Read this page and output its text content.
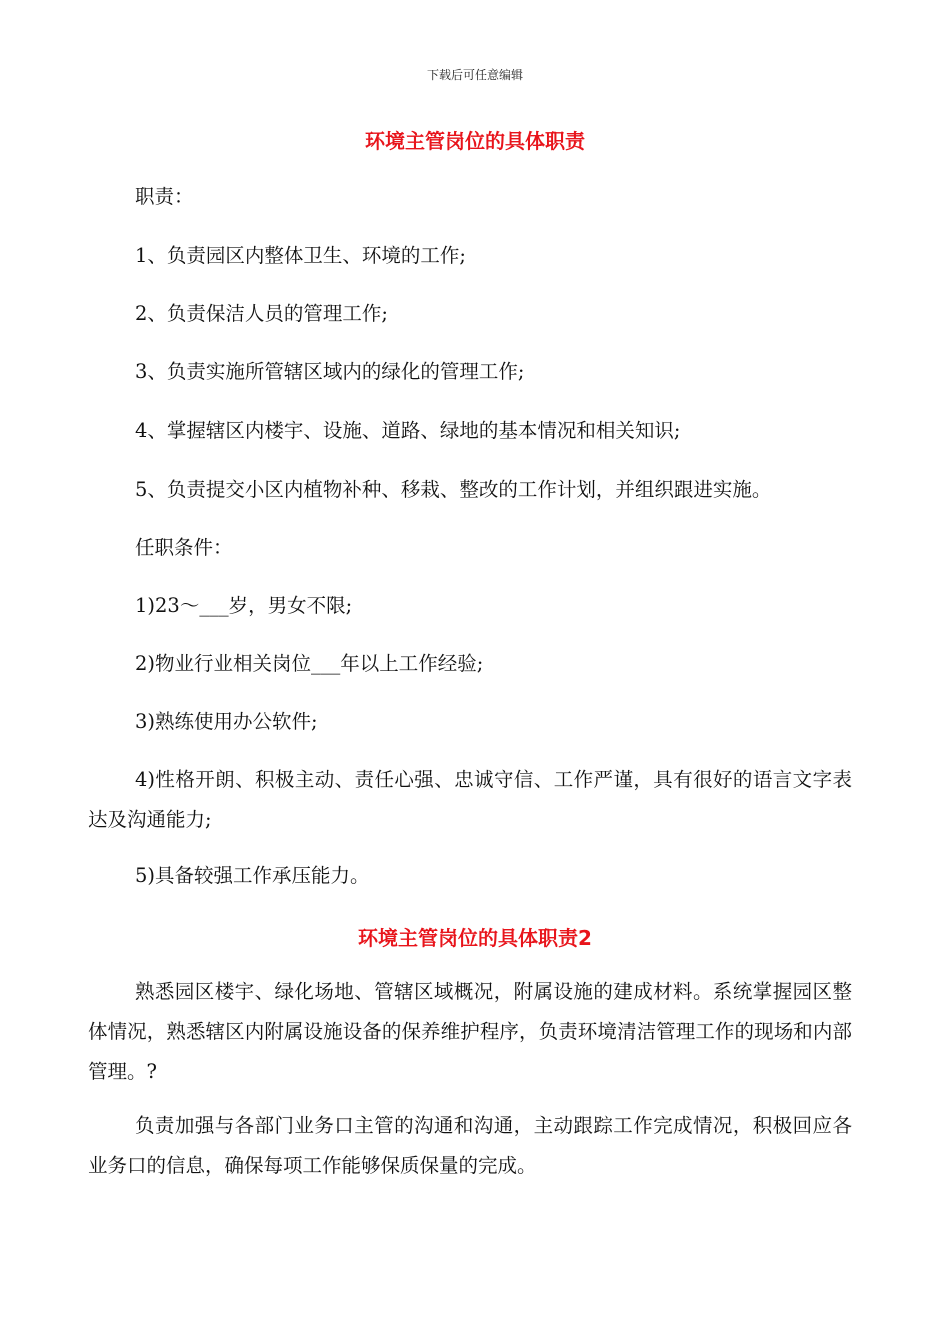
下载后可任意编辑
环境主管岗位的具体职责
职责：
1、负责园区内整体卫生、环境的工作;
2、负责保洁人员的管理工作;
3、负责实施所管辖区域内的绿化的管理工作;
4、掌握辖区内楼宇、设施、道路、绿地的基本情况和相关知识;
5、负责提交小区内植物补种、移栽、整改的工作计划，并组织跟进实施。
任职条件：
1)23～___岁，男女不限;
2)物业行业相关岗位___年以上工作经验;
3)熟练使用办公软件;
4)性格开朗、积极主动、责任心强、忠诚守信、工作严谨，具有很好的语言文字表达及沟通能力;
5)具备较强工作承压能力。
环境主管岗位的具体职责2
熟悉园区楼宇、绿化场地、管辖区域概况，附属设施的建成材料。系统掌握园区整体情况，熟悉辖区内附属设施设备的保养维护程序，负责环境清洁管理工作的现场和内部管理。?
负责加强与各部门业务口主管的沟通和沟通，主动跟踪工作完成情况，积极回应各业务口的信息，确保每项工作能够保质保量的完成。
